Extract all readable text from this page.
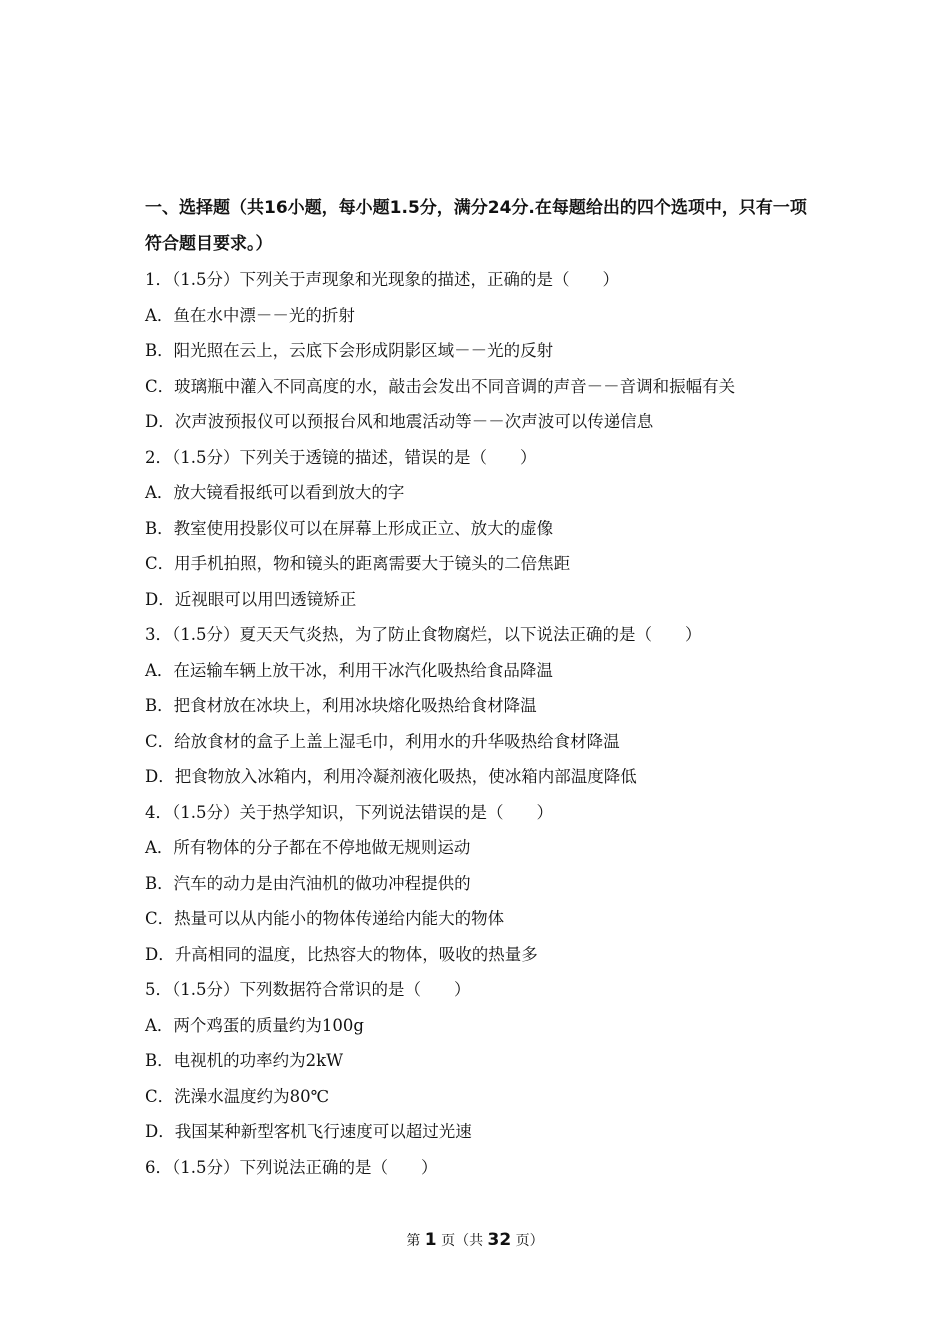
一、选择题（共16小题，每小题1.5分，满分24分.在每题给出的四个选项中，只有一项符合题目要求。）
1．（1.5分）下列关于声现象和光现象的描述，正确的是（　　）
A．鱼在水中漂－－光的折射
B．阳光照在云上，云底下会形成阴影区域－－光的反射
C．玻璃瓶中灌入不同高度的水，敲击会发出不同音调的声音－－音调和振幅有关
D．次声波预报仪可以预报台风和地震活动等－－次声波可以传递信息
2．（1.5分）下列关于透镜的描述，错误的是（　　）
A．放大镜看报纸可以看到放大的字
B．教室使用投影仪可以在屏幕上形成正立、放大的虚像
C．用手机拍照，物和镜头的距离需要大于镜头的二倍焦距
D．近视眼可以用凹透镜矫正
3．（1.5分）夏天天气炎热，为了防止食物腐烂，以下说法正确的是（　　）
A．在运输车辆上放干冰，利用干冰汽化吸热给食品降温
B．把食材放在冰块上，利用冰块熔化吸热给食材降温
C．给放食材的盒子上盖上湿毛巾，利用水的升华吸热给食材降温
D．把食物放入冰箱内，利用冷凝剂液化吸热，使冰箱内部温度降低
4．（1.5分）关于热学知识，下列说法错误的是（　　）
A．所有物体的分子都在不停地做无规则运动
B．汽车的动力是由汽油机的做功冲程提供的
C．热量可以从内能小的物体传递给内能大的物体
D．升高相同的温度，比热容大的物体，吸收的热量多
5．（1.5分）下列数据符合常识的是（　　）
A．两个鸡蛋的质量约为100g
B．电视机的功率约为2kW
C．洗澡水温度约为80℃
D．我国某种新型客机飞行速度可以超过光速
6．（1.5分）下列说法正确的是（　　）
第 1 页（共 32 页）
